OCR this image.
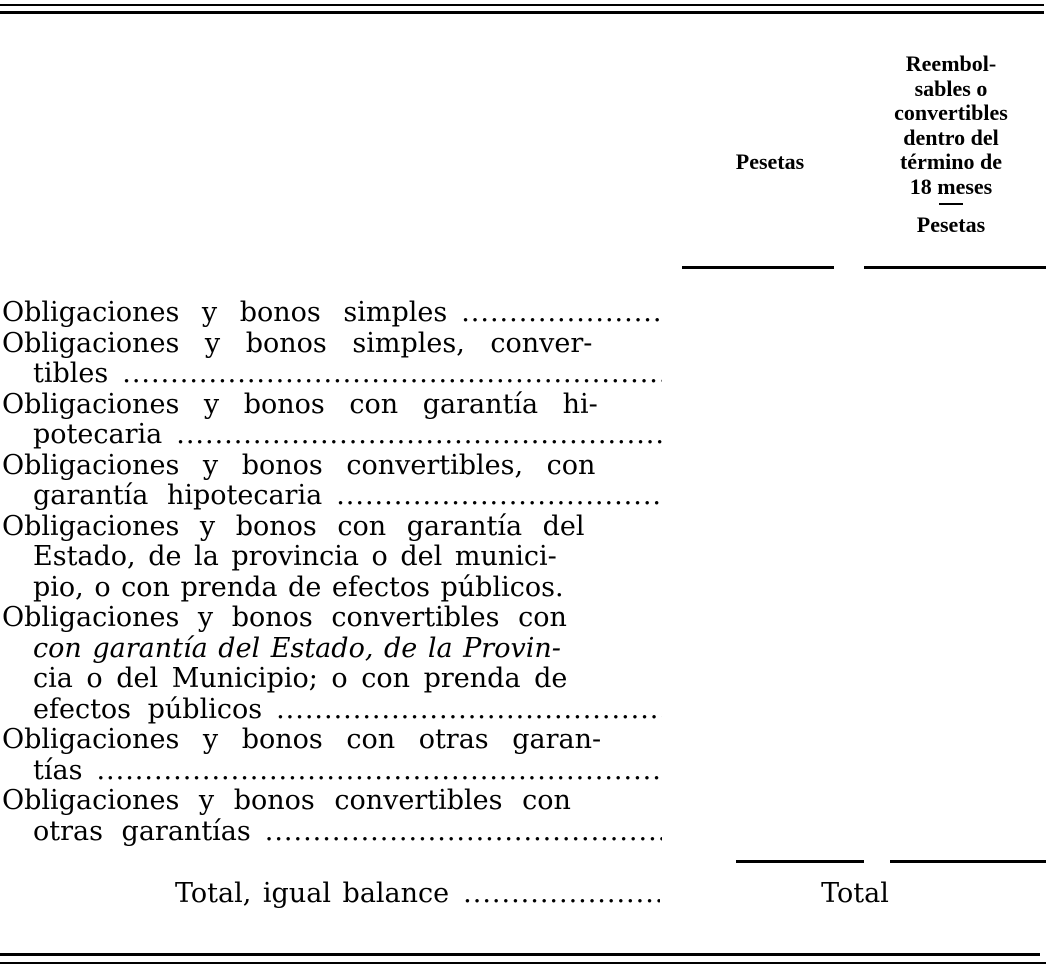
Pesetas
Reembol-
sables o
convertibles
dentro del
término de
18 meses
Pesetas
Obligaciones y bonos simples
.....
Obligaciones y bonos simples, conver-
tibles
.....
Obligaciones y bonos con garantía hi-
potecaria
.....
Obligaciones y bonos convertibles, con
garantía hipotecaria
.....
Obligaciones y bonos con garantía del
Estado, de la provincia o del munici-
pio, o con prenda de efectos públicos.
Obligaciones y bonos convertibles con
con garantía del Estado, de la Provin-
cia o del Municipio; o con prenda de
efectos públicos
.....
Obligaciones y bonos con otras garan-
tías
.....
Obligaciones y bonos convertibles con
otras garantías
.....
Total, igual balance
.....	Total
